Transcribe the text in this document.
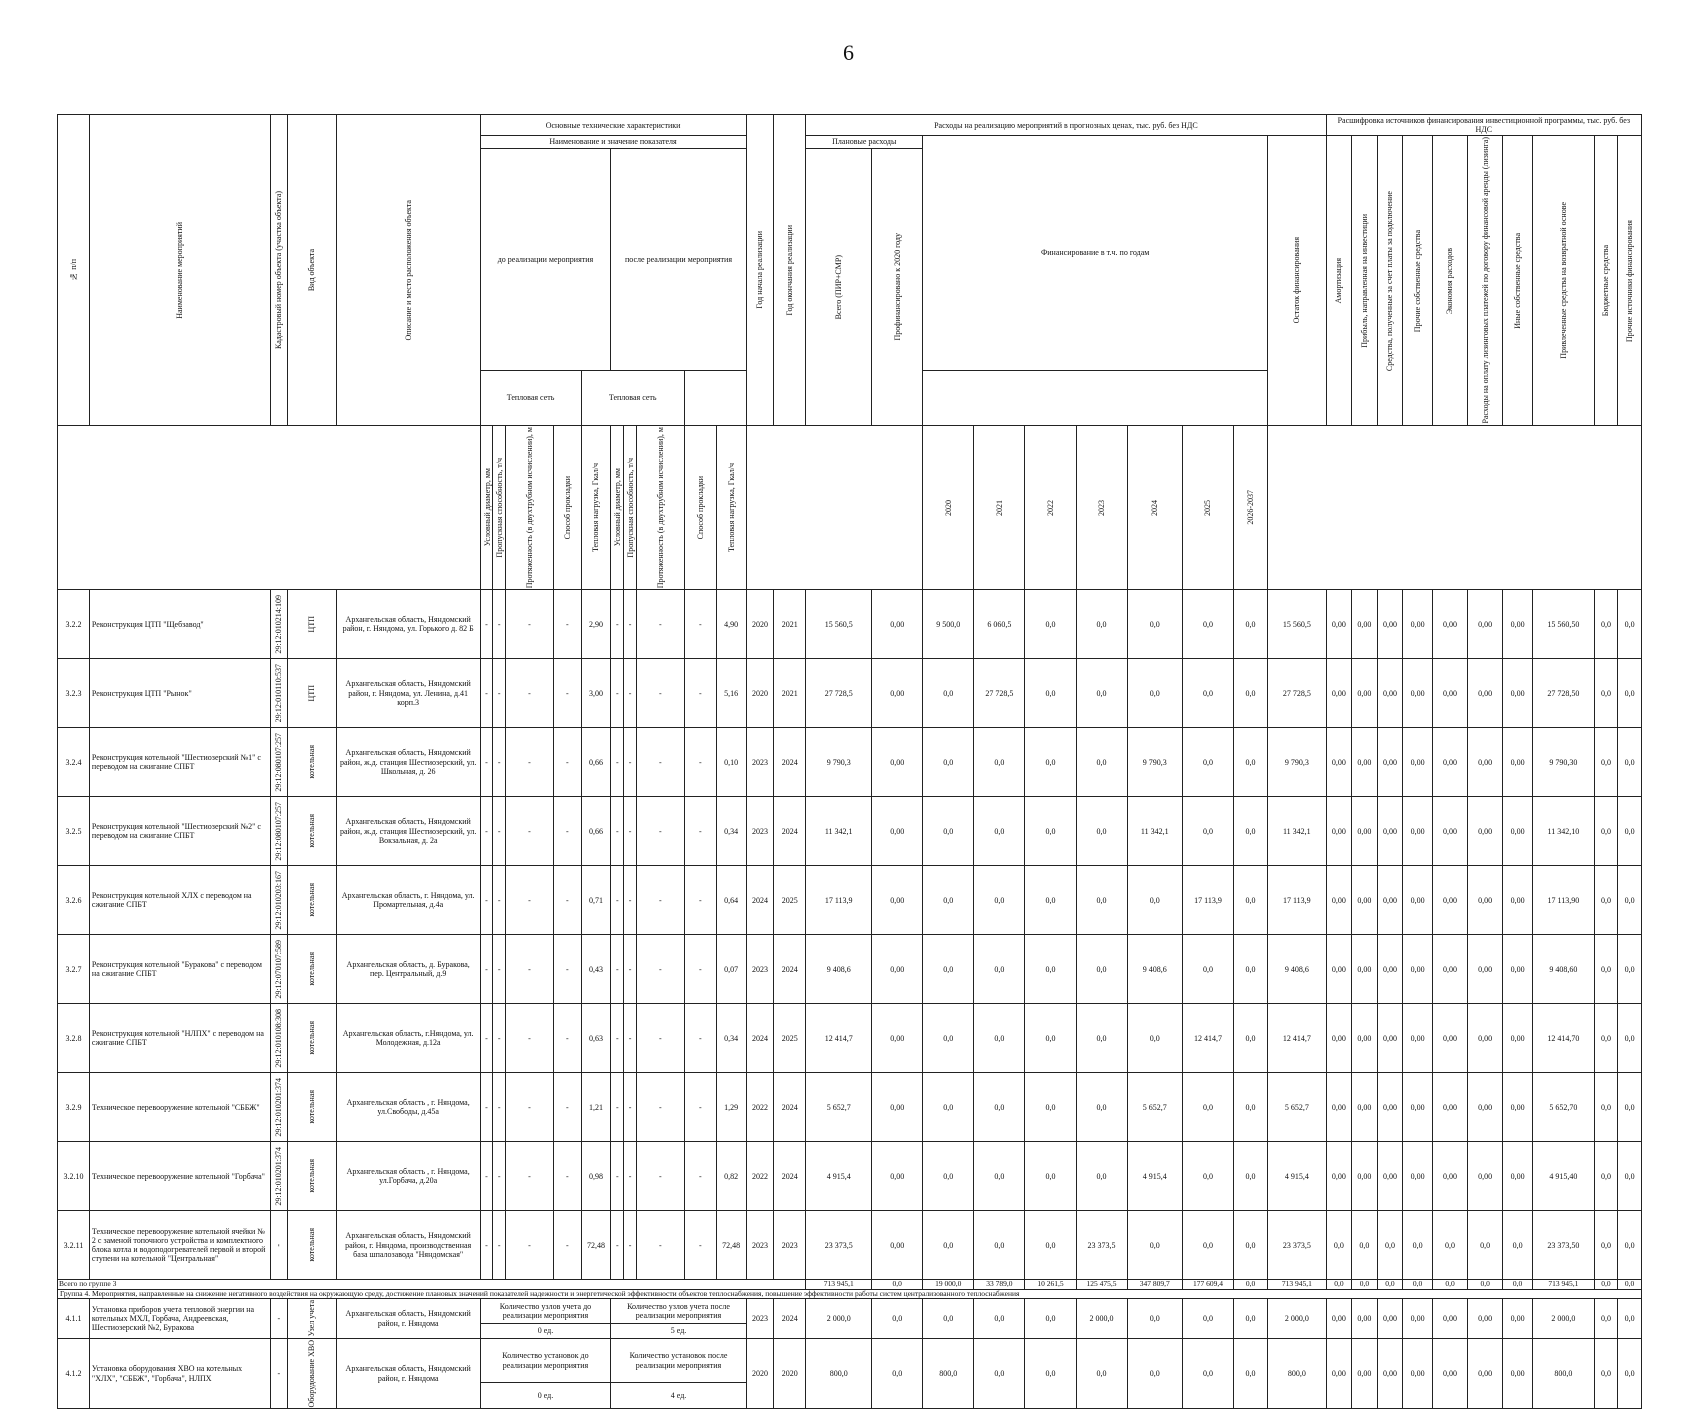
6
№ п/п	Наименование мероприятий	Кадастровый номер объекта (участка объекта)	Вид объекта	Описание и место расположения объекта	Основные технические характеристики										Год начала реализации	Год окончания реализации	Расходы на реализацию мероприятий в прогнозных ценах, тыс. руб. без НДС										Расшифровка источников финансирования инвестиционной программы, тыс. руб. без НДС									
					Наименование и значение показателя												Плановые расходы		Финансирование в т.ч. по годам							Остаток финансирования	Амортизация	Прибыль, направленная на инвестиции	Средства, полученные за счет платы за подключение	Прочие собственные средства	Экономия расходов	Расходы на оплату лизинговых платежей по договору финансовой аренды (лизинга)	Иные собственные средства	Привлеченные средства на возвратной основе	Бюджетные средства	Прочие источники финансирования

					до реализации мероприятия					после реализации мероприятия							Всего (ПИР+СМР)	Профинансировано к 2020 году																		

					Тепловая сеть				Тепловая сеть																										

					Условный диаметр, мм	Пропускная способность, т/ч	Протяженность (в двухтрубном исчислении), м	Способ прокладки	Тепловая нагрузка, Гкал/ч	Условный диаметр, мм	Пропускная способность, т/ч	Протяженность (в двухтрубном исчислении), м	Способ прокладки	Тепловая нагрузка, Гкал/ч					2020	2021	2022	2023	2024	2025	2026-2037											

3.2.2	Реконструкция ЦТП "Щебзавод"	29:12:010214:109	ЦТП	Архангельская область, Няндомский район, г. Няндома, ул. Горького д. 82 Б	-	-	-	-	2,90	-	-	-	-	4,90	2020	2021	15 560,5	0,00	9 500,0	6 060,5	0,0	0,0	0,0	0,0	0,0	15 560,5	0,00	0,00	0,00	0,00	0,00	0,00	0,00	15 560,50	0,0	0,0
3.2.3	Реконструкция ЦТП "Рынок"	29:12:010110:537	ЦТП	Архангельская область, Няндомский район, г. Няндома, ул. Ленина, д.41 корп.3	-	-	-	-	3,00	-	-	-	-	5,16	2020	2021	27 728,5	0,00	0,0	27 728,5	0,0	0,0	0,0	0,0	0,0	27 728,5	0,00	0,00	0,00	0,00	0,00	0,00	0,00	27 728,50	0,0	0,0
3.2.4	Реконструкция котельной "Шестиозерский №1" с переводом на сжигание СПБТ	29:12:080107:257	котельная	Архангельская область, Няндомский район, ж.д. станция Шестиозерский, ул. Школьная, д. 26	-	-	-	-	0,66	-	-	-	-	0,10	2023	2024	9 790,3	0,00	0,0	0,0	0,0	0,0	9 790,3	0,0	0,0	9 790,3	0,00	0,00	0,00	0,00	0,00	0,00	0,00	9 790,30	0,0	0,0
3.2.5	Реконструкция котельной "Шестиозерский №2" с переводом на сжигание СПБТ	29:12:080107:257	котельная	Архангельская область, Няндомский район, ж.д. станция Шестиозерский, ул. Вокзальная, д. 2а	-	-	-	-	0,66	-	-	-	-	0,34	2023	2024	11 342,1	0,00	0,0	0,0	0,0	0,0	11 342,1	0,0	0,0	11 342,1	0,00	0,00	0,00	0,00	0,00	0,00	0,00	11 342,10	0,0	0,0
3.2.6	Реконструкция котельной ХЛХ с переводом на сжигание СПБТ	29:12:010203:167	котельная	Архангельская область, г. Няндома, ул. Промартельная, д.4а	-	-	-	-	0,71	-	-	-	-	0,64	2024	2025	17 113,9	0,00	0,0	0,0	0,0	0,0	0,0	17 113,9	0,0	17 113,9	0,00	0,00	0,00	0,00	0,00	0,00	0,00	17 113,90	0,0	0,0
3.2.7	Реконструкция котельной "Буракова" с переводом на сжигание СПБТ	29:12:070107:589	котельная	Архангельская область, д. Буракова, пер. Центральный, д.9	-	-	-	-	0,43	-	-	-	-	0,07	2023	2024	9 408,6	0,00	0,0	0,0	0,0	0,0	9 408,6	0,0	0,0	9 408,6	0,00	0,00	0,00	0,00	0,00	0,00	0,00	9 408,60	0,0	0,0
3.2.8	Реконструкция котельной "НЛПХ" с переводом на сжигание СПБТ	29:12:010108:308	котельная	Архангельская область, г.Няндома, ул. Молодежная, д.12а	-	-	-	-	0,63	-	-	-	-	0,34	2024	2025	12 414,7	0,00	0,0	0,0	0,0	0,0	0,0	12 414,7	0,0	12 414,7	0,00	0,00	0,00	0,00	0,00	0,00	0,00	12 414,70	0,0	0,0
3.2.9	Техническое перевооружение котельной "СББЖ"	29:12:010201:374	котельная	Архангельская область , г. Няндома, ул.Свободы, д.45а	-	-	-	-	1,21	-	-	-	-	1,29	2022	2024	5 652,7	0,00	0,0	0,0	0,0	0,0	5 652,7	0,0	0,0	5 652,7	0,00	0,00	0,00	0,00	0,00	0,00	0,00	5 652,70	0,0	0,0
3.2.10	Техническое перевооружение котельной "Горбача"	29:12:010201:374	котельная	Архангельская область , г. Няндома, ул.Горбача, д.20а	-	-	-	-	0,98	-	-	-	-	0,82	2022	2024	4 915,4	0,00	0,0	0,0	0,0	0,0	4 915,4	0,0	0,0	4 915,4	0,00	0,00	0,00	0,00	0,00	0,00	0,00	4 915,40	0,0	0,0
3.2.11	Техническое перевооружение котельной ячейки № 2 с заменой топочного устройства и комплектного блока котла и водоподогревателей первой и второй ступени на котельной "Центральная"	-	котельная	Архангельская область, Няндомский район, г. Няндома, производственная база шпалозавода "Няндомская"	-	-	-	-	72,48	-	-	-	-	72,48	2023	2023	23 373,5	0,00	0,0	0,0	0,0	23 373,5	0,0	0,0	0,0	23 373,5	0,0	0,0	0,0	0,0	0,0	0,0	0,0	23 373,50	0,0	0,0
Всего по группе 3																	713 945,1	0,0	19 000,0	33 789,0	10 261,5	125 475,5	347 809,7	177 609,4	0,0	713 945,1	0,0	0,0	0,0	0,0	0,0	0,0	0,0	713 945,1	0,0	0,0
Группа 4. Мероприятия, направленные на снижение негативного воздействия на окружающую среду, достижение плановых значений показателей надежности и энергетической эффективности объектов теплоснабжения, повышение эффективности работы систем централизованного теплоснабжения																																				
4.1.1	Установка приборов учета тепловой энергии на котельных МХЛ, Горбача, Андреевская, Шестиозерский №2, Буракова	-	Узел учета	Архангельская область, Няндомский район, г. Няндома	Количество узлов учета до реализации мероприятия					Количество узлов учета после реализации мероприятия					2023	2024	2 000,0	0,0	0,0	0,0	0,0	2 000,0	0,0	0,0	0,0	2 000,0	0,00	0,00	0,00	0,00	0,00	0,00	0,00	2 000,0	0,0	0,0
					0 ед.					5 ед.																										
4.1.2	Установка оборудования ХВО на котельных "ХЛХ", "СББЖ", "Горбача", НЛПХ	-	Оборудование ХВО	Архангельская область, Няндомский район, г. Няндома	Количество установок до реализации мероприятия					Количество установок после реализации мероприятия					2020	2020	800,0	0,0	800,0	0,0	0,0	0,0	0,0	0,0	0,0	800,0	0,00	0,00	0,00	0,00	0,00	0,00	0,00	800,0	0,0	0,0
					0 ед.					4 ед.																										
